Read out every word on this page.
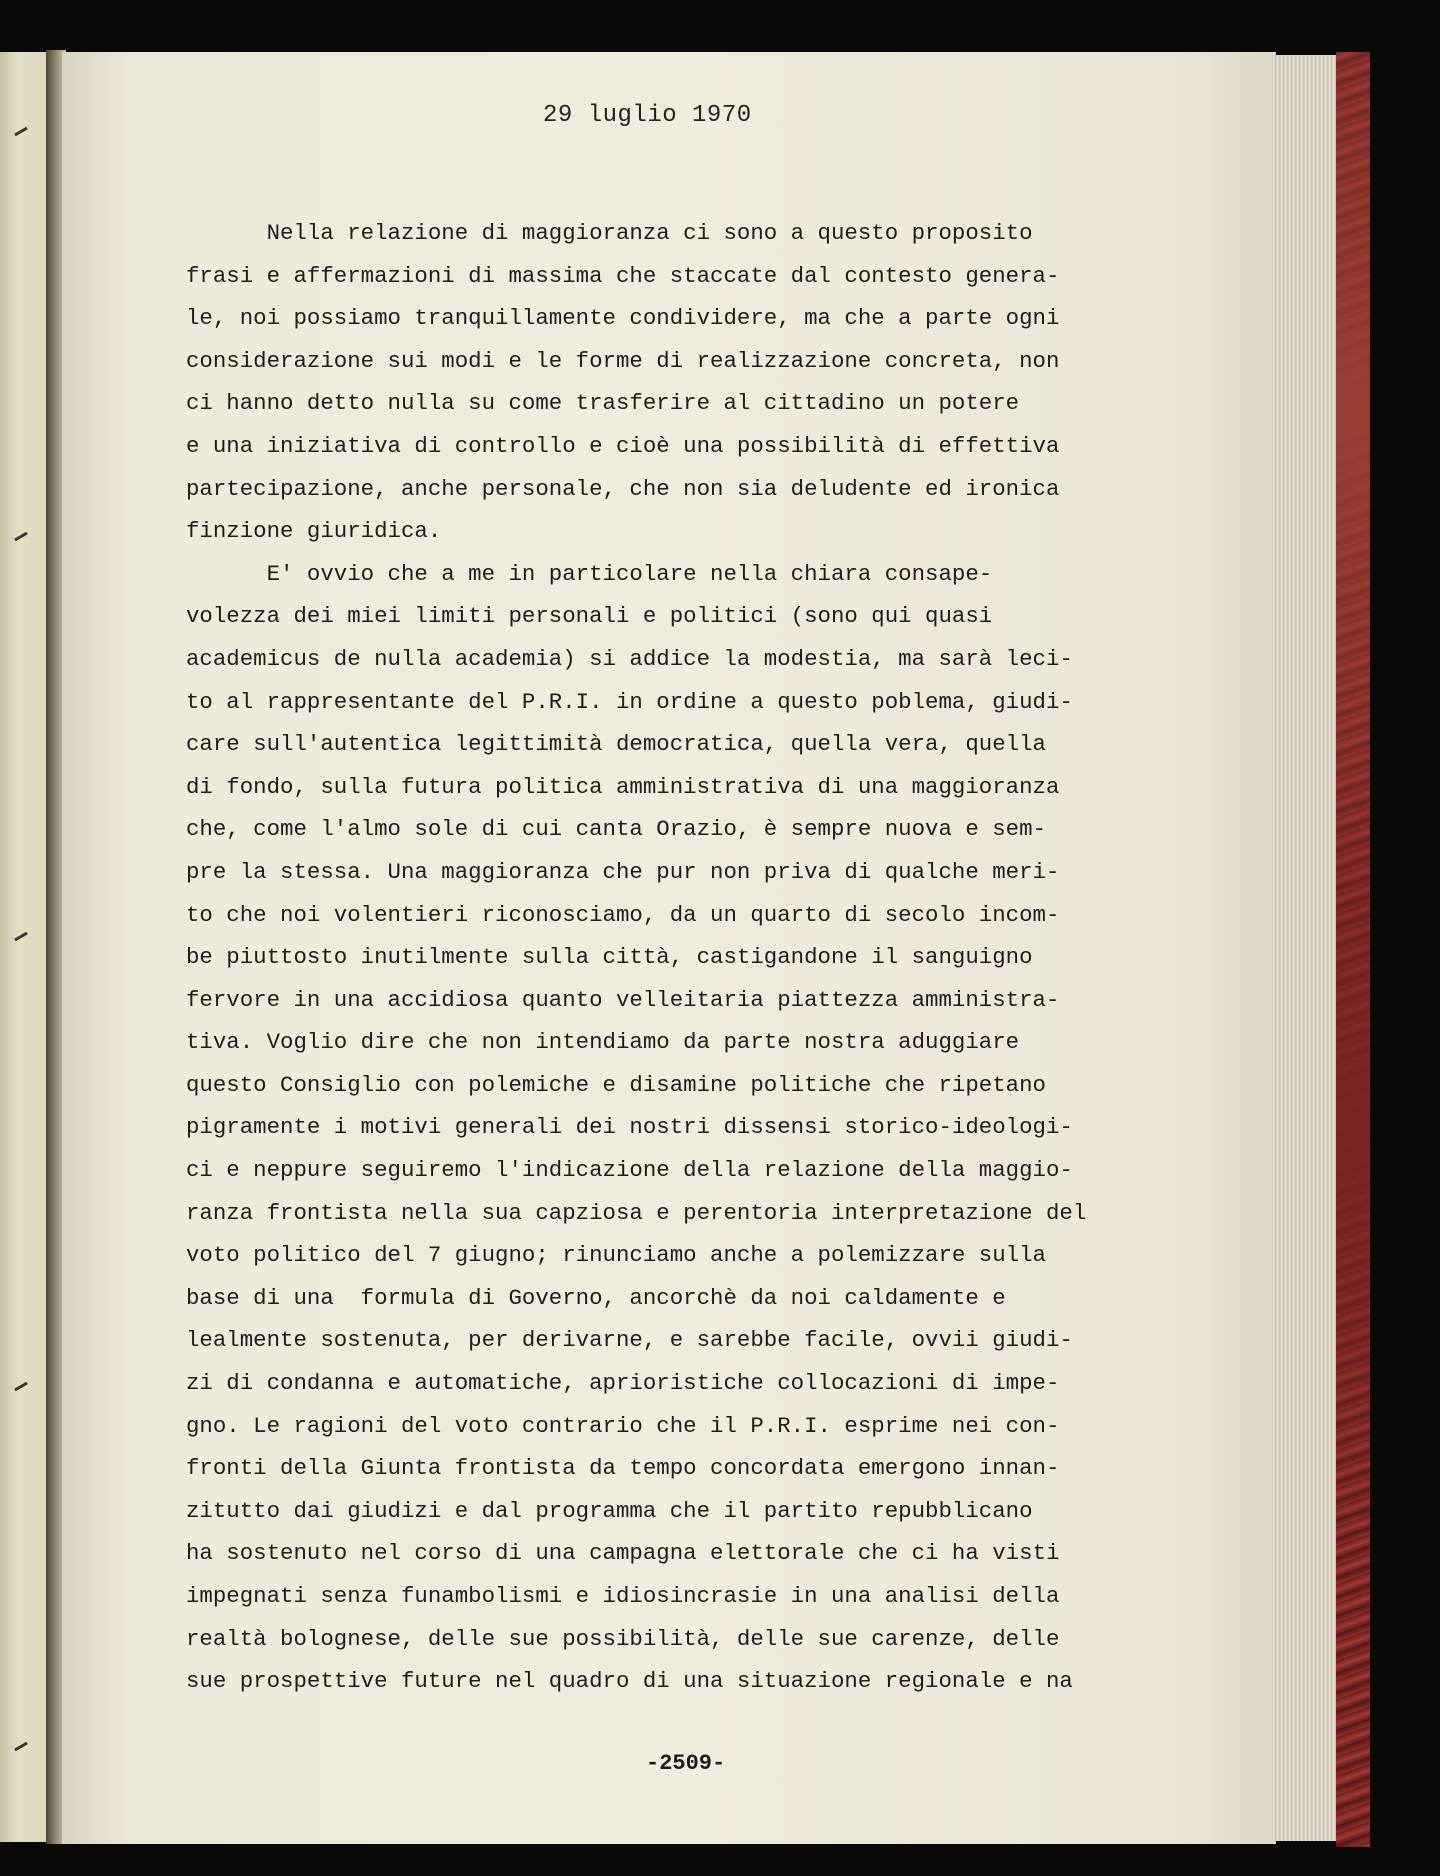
29 luglio 1970
Nella relazione di maggioranza ci sono a questo proposito
frasi e affermazioni di massima che staccate dal contesto genera-
le, noi possiamo tranquillamente condividere, ma che a parte ogni
considerazione sui modi e le forme di realizzazione concreta, non
ci hanno detto nulla su come trasferire al cittadino un potere
e una iniziativa di controllo e cioè una possibilità di effettiva
partecipazione, anche personale, che non sia deludente ed ironica
finzione giuridica.
E' ovvio che a me in particolare nella chiara consape-
volezza dei miei limiti personali e politici (sono qui quasi
academicus de nulla academia) si addice la modestia, ma sarà leci-
to al rappresentante del P.R.I. in ordine a questo poblema, giudi-
care sull'autentica legittimità democratica, quella vera, quella
di fondo, sulla futura politica amministrativa di una maggioranza
che, come l'almo sole di cui canta Orazio, è sempre nuova e sem-
pre la stessa. Una maggioranza che pur non priva di qualche meri-
to che noi volentieri riconosciamo, da un quarto di secolo incom-
be piuttosto inutilmente sulla città, castigandone il sanguigno
fervore in una accidiosa quanto velleitaria piattezza amministra-
tiva. Voglio dire che non intendiamo da parte nostra aduggiare
questo Consiglio con polemiche e disamine politiche che ripetano
pigramente i motivi generali dei nostri dissensi storico-ideologi-
ci e neppure seguiremo l'indicazione della relazione della maggio-
ranza frontista nella sua capziosa e perentoria interpretazione del
voto politico del 7 giugno; rinunciamo anche a polemizzare sulla
base di una  formula di Governo, ancorchè da noi caldamente e
lealmente sostenuta, per derivarne, e sarebbe facile, ovvii giudi-
zi di condanna e automatiche, aprioristiche collocazioni di impe-
gno. Le ragioni del voto contrario che il P.R.I. esprime nei con-
fronti della Giunta frontista da tempo concordata emergono innan-
zitutto dai giudizi e dal programma che il partito repubblicano
ha sostenuto nel corso di una campagna elettorale che ci ha visti
impegnati senza funambolismi e idiosincrasie in una analisi della
realtà bolognese, delle sue possibilità, delle sue carenze, delle
sue prospettive future nel quadro di una situazione regionale e na
-2509-
